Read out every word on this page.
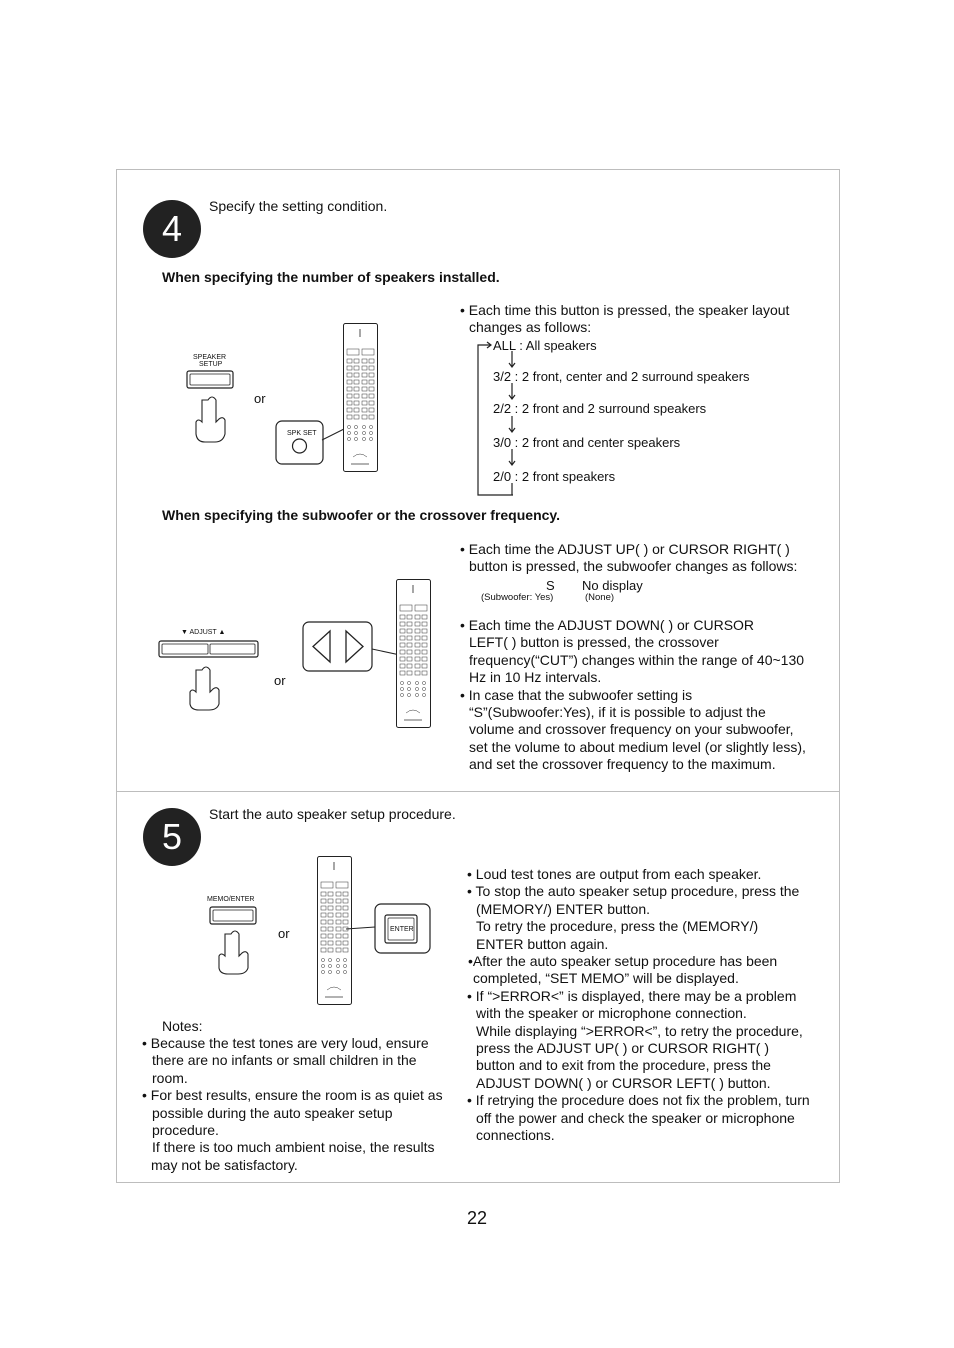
4
Specify the setting condition.
When specifying the number of speakers installed.
SPEAKER
SETUP
or
SPK SET
• Each time this button is pressed, the speaker layout
changes as follows:
ALL : All speakers
3/2 : 2 front, center and 2 surround speakers
2/2 : 2 front and 2 surround speakers
3/0 : 2 front and center speakers
2/0 : 2 front speakers
When specifying the subwoofer or the crossover frequency.
▼ ADJUST ▲
or
• Each time the ADJUST UP( ) or CURSOR RIGHT( )
button is pressed, the subwoofer changes as follows:
S No display
(Subwoofer: Yes)	(None)
• Each time the ADJUST DOWN( ) or CURSOR
LEFT( ) button is pressed, the crossover
frequency(“CUT”) changes within the range of 40~130
Hz in 10 Hz intervals.
• In case that the subwoofer setting is
“S”(Subwoofer:Yes), if it is possible to adjust the
volume and crossover frequency on your subwoofer,
set the volume to about medium level (or slightly less),
and set the crossover frequency to the maximum.
5
Start the auto speaker setup procedure.
MEMO/ENTER
or	ENTER
Notes:
• Because the test tones are very loud, ensure
there are no infants or small children in the
room.
• For best results, ensure the room is as quiet as
possible during the auto speaker setup
procedure.
If there is too much ambient noise, the results
may not be satisfactory.
• Loud test tones are output from each speaker.
• To stop the auto speaker setup procedure, press the
(MEMORY/) ENTER button.
To retry the procedure, press the (MEMORY/)
ENTER button again.
•After the auto speaker setup procedure has been
completed, “SET MEMO” will be displayed.
• If “>ERROR<” is displayed, there may be a problem
with the speaker or microphone connection.
While displaying “>ERROR<”, to retry the procedure,
press the ADJUST UP( ) or CURSOR RIGHT( )
button and to exit from the procedure, press the
ADJUST DOWN( ) or CURSOR LEFT( ) button.
• If retrying the procedure does not fix the problem, turn
off the power and check the speaker or microphone
connections.
22
